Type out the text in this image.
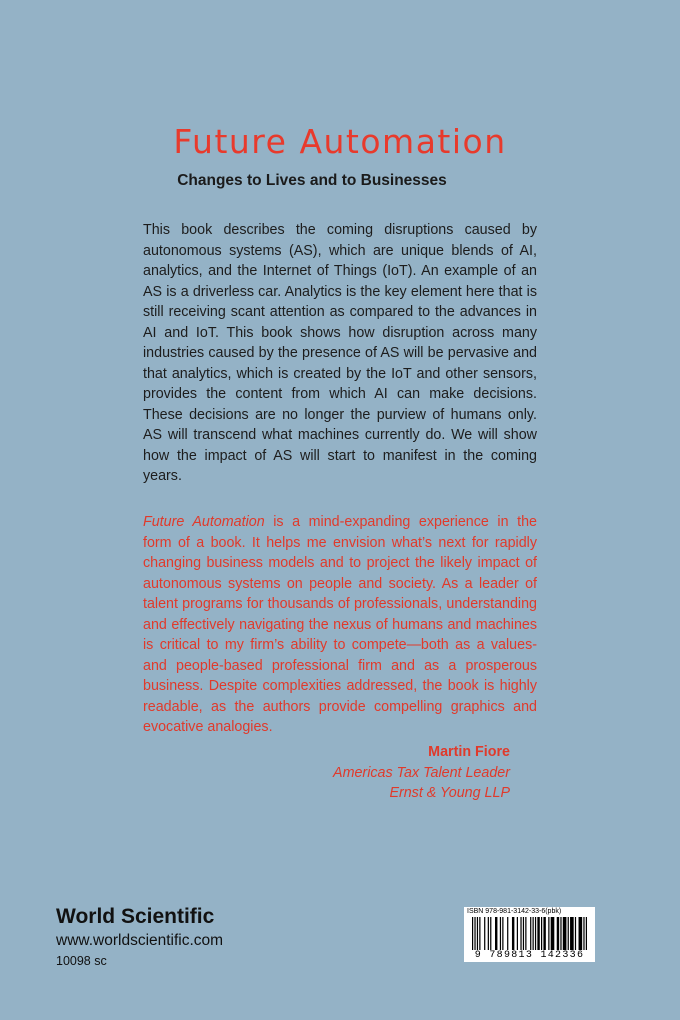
Future Automation
Changes to Lives and to Businesses

This book describes the coming disruptions caused by autonomous systems (AS), which are unique blends of AI, analytics, and the Internet of Things (IoT). An example of an AS is a driverless car. Analytics is the key element here that is still receiving scant attention as compared to the advances in AI and IoT. This book shows how disruption across many industries caused by the presence of AS will be pervasive and that analytics, which is created by the IoT and other sensors, provides the content from which AI can make decisions. These decisions are no longer the purview of humans only. AS will transcend what machines currently do. We will show how the impact of AS will start to manifest in the coming years.

Future Automation is a mind-expanding experience in the form of a book. It helps me envision what’s next for rapidly changing business models and to project the likely impact of autonomous systems on people and society. As a leader of talent programs for thousands of professionals, understanding and effectively navigating the nexus of humans and machines is critical to my firm’s ability to compete—both as a values- and people-based professional firm and as a prosperous business. Despite complexities addressed, the book is highly readable, as the authors provide compelling graphics and evocative analogies.

Martin Fiore
Americas Tax Talent Leader
Ernst & Young LLP
World Scientific
www.worldscientific.com
10098 sc
ISBN 978-981-3142-33-6(pbk)
9 789813 142336
